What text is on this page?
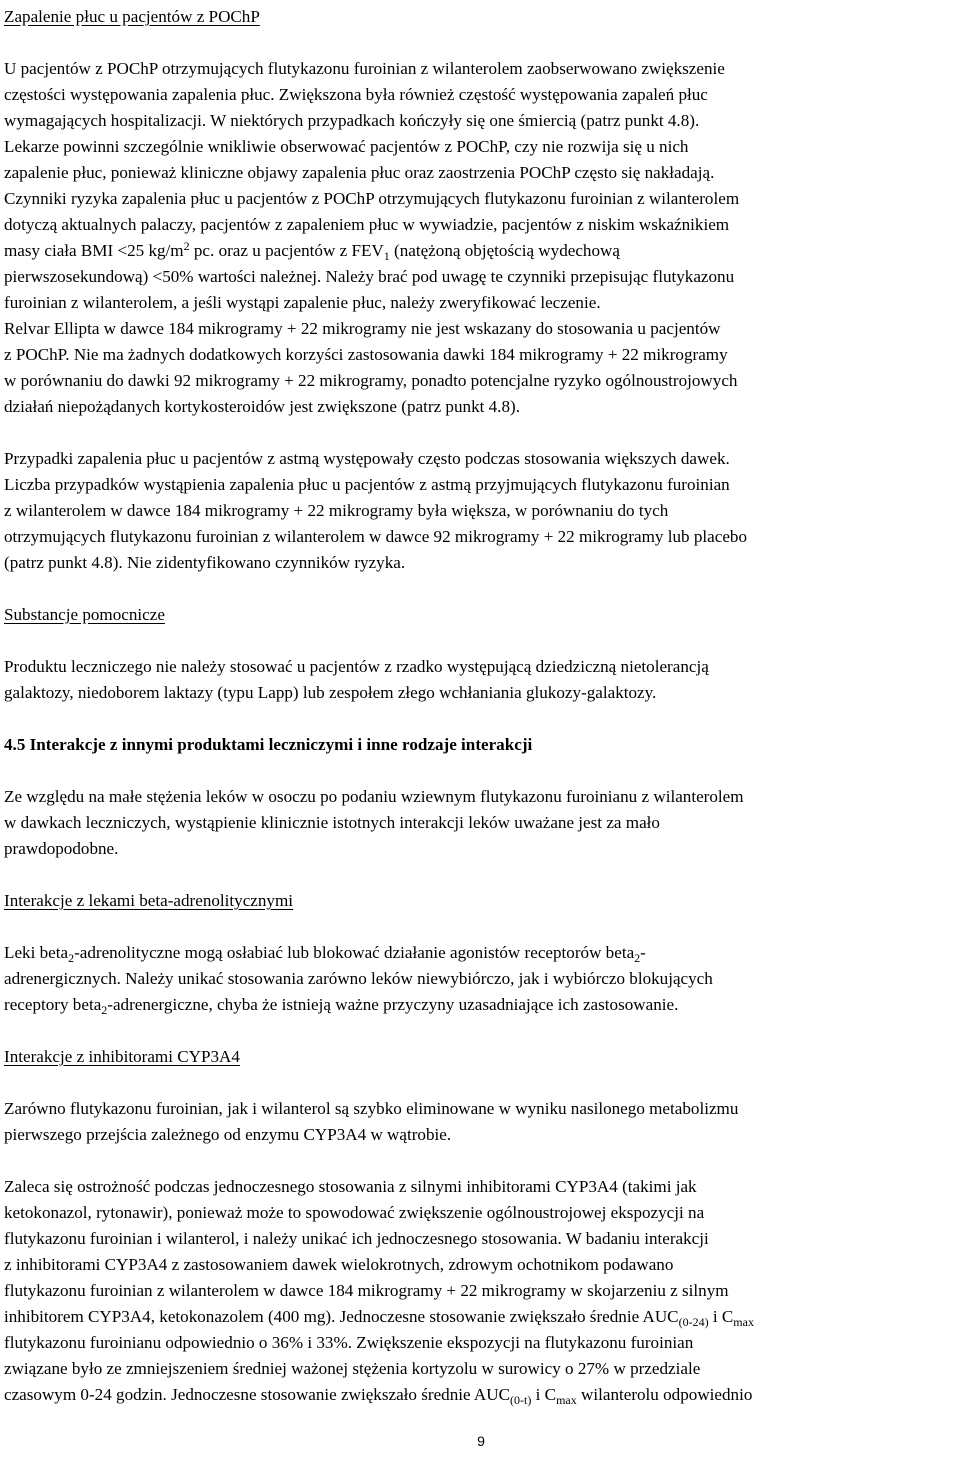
Zapalenie płuc u pacjentów z POChP

U pacjentów z POChP otrzymujących flutykazonu furoinian z wilanterolem zaobserwowano zwiększenie
częstości występowania zapalenia płuc. Zwiększona była również częstość występowania zapaleń płuc
wymagających hospitalizacji. W niektórych przypadkach kończyły się one śmiercią (patrz punkt 4.8).
Lekarze powinni szczególnie wnikliwie obserwować pacjentów z POChP, czy nie rozwija się u nich
zapalenie płuc, ponieważ kliniczne objawy zapalenia płuc oraz zaostrzenia POChP często się nakładają.
Czynniki ryzyka zapalenia płuc u pacjentów z POChP otrzymujących flutykazonu furoinian z wilanterolem
dotyczą aktualnych palaczy, pacjentów z zapaleniem płuc w wywiadzie, pacjentów z niskim wskaźnikiem
masy ciała BMI <25 $kg/m^2$ pc. oraz u pacjentów z $FEV_1$ (natężoną objętością wydechową
pierwszosekundową) <50% wartości należnej. Należy brać pod uwagę te czynniki przepisując flutykazonu
furoinian z wilanterolem, a jeśli wystąpi zapalenie płuc, należy zweryfikować leczenie.
Relvar Ellipta w dawce 184 mikrogramy + 22 mikrogramy nie jest wskazany do stosowania u pacjentów
z POChP. Nie ma żadnych dodatkowych korzyści zastosowania dawki 184 mikrogramy + 22 mikrogramy
w porównaniu do dawki 92 mikrogramy + 22 mikrogramy, ponadto potencjalne ryzyko ogólnoustrojowych
działań niepożądanych kortykosteroidów jest zwiększone (patrz punkt 4.8).

Przypadki zapalenia płuc u pacjentów z astmą występowały często podczas stosowania większych dawek.
Liczba przypadków wystąpienia zapalenia płuc u pacjentów z astmą przyjmujących flutykazonu furoinian
z wilanterolem w dawce 184 mikrogramy + 22 mikrogramy była większa, w porównaniu do tych
otrzymujących flutykazonu furoinian z wilanterolem w dawce 92 mikrogramy + 22 mikrogramy lub placebo
(patrz punkt 4.8). Nie zidentyfikowano czynników ryzyka.

Substancje pomocnicze

Produktu leczniczego nie należy stosować u pacjentów z rzadko występującą dziedziczną nietolerancją
galaktozy, niedoborem laktazy (typu Lapp) lub zespołem złego wchłaniania glukozy-galaktozy.

4.5 Interakcje z innymi produktami leczniczymi i inne rodzaje interakcji

Ze względu na małe stężenia leków w osoczu po podaniu wziewnym flutykazonu furoinianu z wilanterolem
w dawkach leczniczych, wystąpienie klinicznie istotnych interakcji leków uważane jest za mało
prawdopodobne.

Interakcje z lekami beta-adrenolitycznymi

Leki beta$_2$-adrenolityczne mogą osłabiać lub blokować działanie agonistów receptorów beta$_2$-
adrenergicznych. Należy unikać stosowania zarówno leków niewybiórczo, jak i wybiórczo blokujących
receptory beta$_2$-adrenergiczne, chyba że istnieją ważne przyczyny uzasadniające ich zastosowanie.

Interakcje z inhibitorami CYP3A4

Zarówno flutykazonu furoinian, jak i wilanterol są szybko eliminowane w wyniku nasilonego metabolizmu
pierwszego przejścia zależnego od enzymu CYP3A4 w wątrobie.

Zaleca się ostrożność podczas jednoczesnego stosowania z silnymi inhibitorami CYP3A4 (takimi jak
ketokonazol, rytonawir), ponieważ może to spowodować zwiększenie ogólnoustrojowej ekspozycji na
flutykazonu furoinian i wilanterol, i należy unikać ich jednoczesnego stosowania. W badaniu interakcji
z inhibitorami CYP3A4 z zastosowaniem dawek wielokrotnych, zdrowym ochotnikom podawano
flutykazonu furoinian z wilanterolem w dawce 184 mikrogramy + 22 mikrogramy w skojarzeniu z silnym
inhibitorem CYP3A4, ketokonazolem (400 mg). Jednoczesne stosowanie zwiększało średnie $AUC_{(0-24)}$ i $C_{max}$
flutykazonu furoinianu odpowiednio o 36% i 33%. Zwiększenie ekspozycji na flutykazonu furoinian
związane było ze zmniejszeniem średniej ważonej stężenia kortyzolu w surowicy o 27% w przedziale
czasowym 0-24 godzin. Jednoczesne stosowanie zwiększało średnie $AUC_{(0-t)}$ i $C_{max}$ wilanterolu odpowiednio

9
